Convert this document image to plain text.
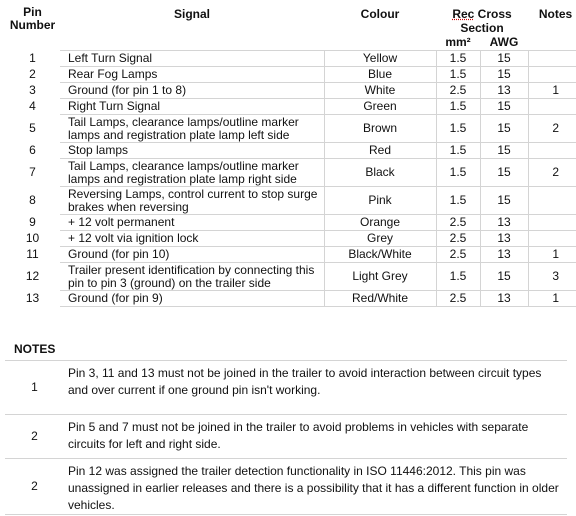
Pin Number	Signal	Colour	Rec Cross		Notes
			Section		
			mm²	AWG	
1	Left Turn Signal	Yellow	1.5	15	
2	Rear Fog Lamps	Blue	1.5	15	
3	Ground (for pin 1 to 8)	White	2.5	13	1
4	Right Turn Signal	Green	1.5	15	
5	Tail Lamps, clearance lamps/outline marker lamps and registration plate lamp left side	Brown	1.5	15	2
6	Stop lamps	Red	1.5	15	
7	Tail Lamps, clearance lamps/outline marker lamps and registration plate lamp right side	Black	1.5	15	2
8	Reversing Lamps, control current to stop surge brakes when reversing	Pink	1.5	15	
9	+ 12 volt permanent	Orange	2.5	13	
10	+ 12 volt via ignition lock	Grey	2.5	13	
11	Ground (for pin 10)	Black/White	2.5	13	1
12	Trailer present identification by connecting this pin to pin 3 (ground) on the trailer side	Light Grey	1.5	15	3
13	Ground (for pin 9)	Red/White	2.5	13	1
NOTES
1	Pin 3, 11 and 13 must not be joined in the trailer to avoid interaction between circuit types and over current if one ground pin isn't working.
2	Pin 5 and 7 must not be joined in the trailer to avoid problems in vehicles with separate circuits for left and right side.
2	Pin 12 was assigned the trailer detection functionality in ISO 11446:2012. This pin was unassigned in earlier releases and there is a possibility that it has a different function in older vehicles.
